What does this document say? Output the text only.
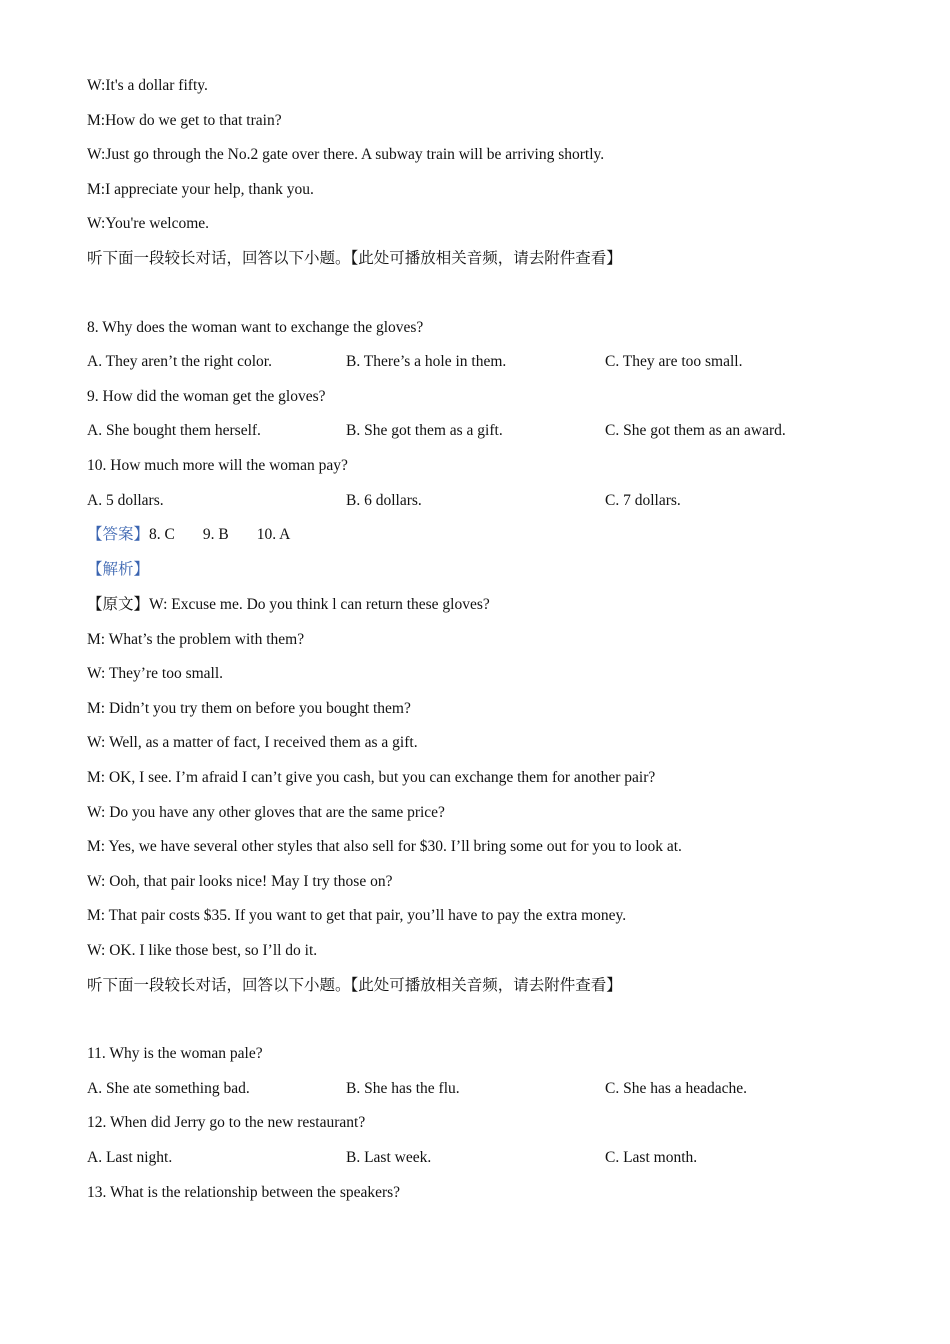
W:It's a dollar fifty.
M:How do we get to that train?
W:Just go through the No.2 gate over there. A subway train will be arriving shortly.
M:I appreciate your help, thank you.
W:You're welcome.
听下面一段较长对话，回答以下小题。【此处可播放相关音频，请去附件查看】
8. Why does the woman want to exchange the gloves?
A. They aren’t the right color.	B. There’s a hole in them.	C. They are too small.
9. How did the woman get the gloves?
A. She bought them herself.	B. She got them as a gift.	C. She got them as an award.
10. How much more will the woman pay?
A. 5 dollars.	B. 6 dollars.	C. 7 dollars.
【答案】8. C 9. B 10. A
【解析】
【原文】W: Excuse me. Do you think l can return these gloves?
M: What’s the problem with them?
W: They’re too small.
M: Didn’t you try them on before you bought them?
W: Well, as a matter of fact, I received them as a gift.
M: OK, I see. I’m afraid I can’t give you cash, but you can exchange them for another pair?
W: Do you have any other gloves that are the same price?
M: Yes, we have several other styles that also sell for $30. I’ll bring some out for you to look at.
W: Ooh, that pair looks nice! May I try those on?
M: That pair costs $35. If you want to get that pair, you’ll have to pay the extra money.
W: OK. I like those best, so I’ll do it.
听下面一段较长对话，回答以下小题。【此处可播放相关音频，请去附件查看】
11. Why is the woman pale?
A. She ate something bad.	B. She has the flu.	C. She has a headache.
12. When did Jerry go to the new restaurant?
A. Last night.	B. Last week.	C. Last month.
13. What is the relationship between the speakers?
